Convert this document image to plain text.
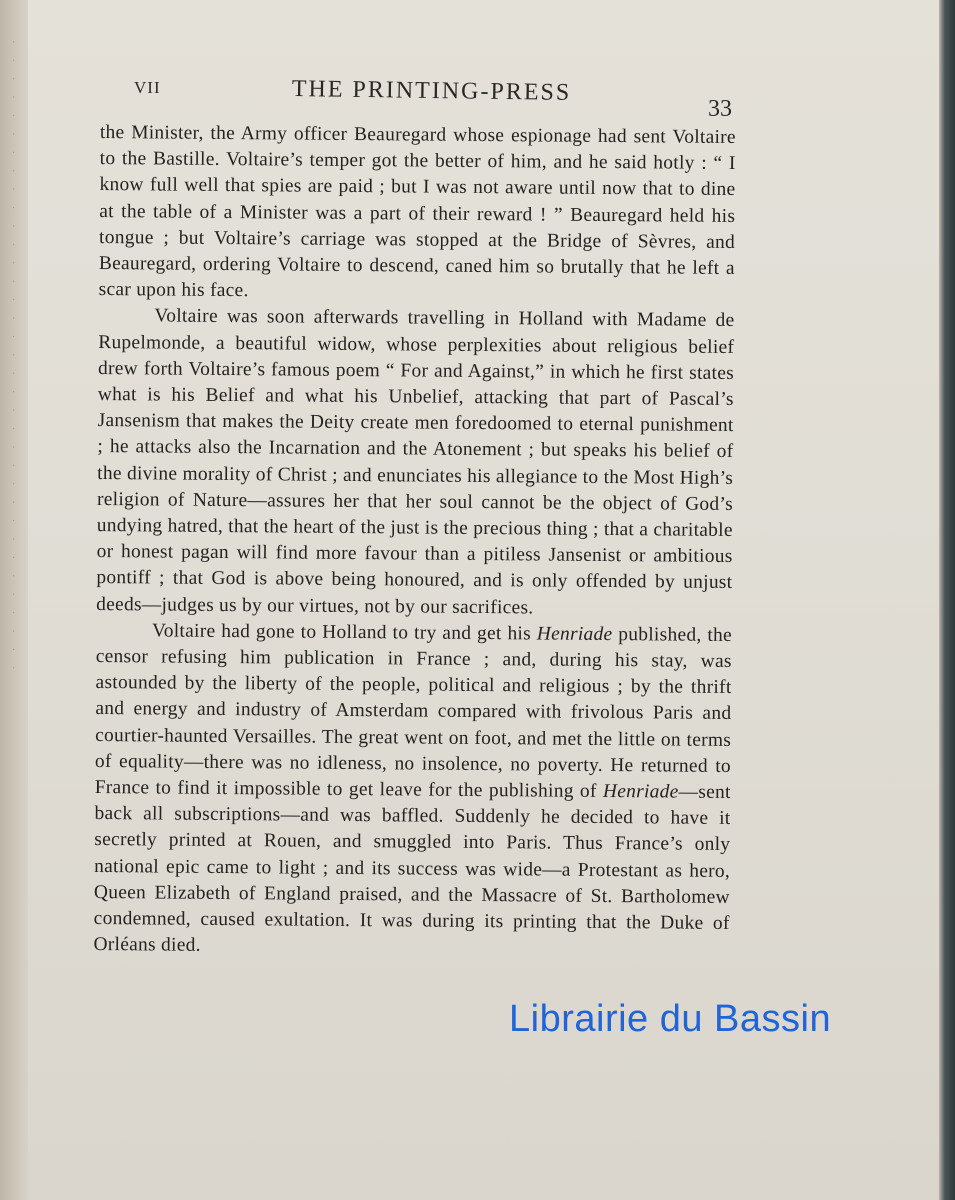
· · · · · · · · · · · · · · · · · · · · · · · · · · · · · · · · · · ·	VII	THE PRINTING-PRESS
33

the Minister, the Army officer Beauregard whose espionage had sent Voltaire to the Bastille. Voltaire’s temper got the better of him, and he said hotly : “ I know full well that spies are paid ; but I was not aware until now that to dine at the table of a Minister was a part of their reward ! ” Beauregard held his tongue ; but Voltaire’s carriage was stopped at the Bridge of Sèvres, and Beauregard, ordering Voltaire to descend, caned him so brutally that he left a scar upon his face.

Voltaire was soon afterwards travelling in Holland with Madame de Rupelmonde, a beautiful widow, whose perplexities about religious belief drew forth Voltaire’s famous poem “ For and Against,” in which he first states what is his Belief and what his Unbelief, attacking that part of Pascal’s Jansenism that makes the Deity create men foredoomed to eternal punishment ; he attacks also the Incarnation and the Atonement ; but speaks his belief of the divine morality of Christ ; and enunciates his allegiance to the Most High’s religion of Nature—assures her that her soul cannot be the object of God’s undying hatred, that the heart of the just is the precious thing ; that a charitable or honest pagan will find more favour than a pitiless Jansenist or ambitious pontiff ; that God is above being honoured, and is only offended by unjust deeds—judges us by our virtues, not by our sacrifices.

Voltaire had gone to Holland to try and get his Henriade published, the censor refusing him publication in France ; and, during his stay, was astounded by the liberty of the people, political and religious ; by the thrift and energy and industry of Amsterdam compared with frivolous Paris and courtier-haunted Versailles. The great went on foot, and met the little on terms of equality—there was no idleness, no insolence, no poverty. He returned to France to find it impossible to get leave for the publishing of Henriade—sent back all subscriptions—and was baffled. Suddenly he decided to have it secretly printed at Rouen, and smuggled into Paris. Thus France’s only national epic came to light ; and its success was wide—a Protestant as hero, Queen Elizabeth of England praised, and the Massacre of St. Bartholomew condemned, caused exultation. It was during its printing that the Duke of Orléans died.

Librairie du Bassin
